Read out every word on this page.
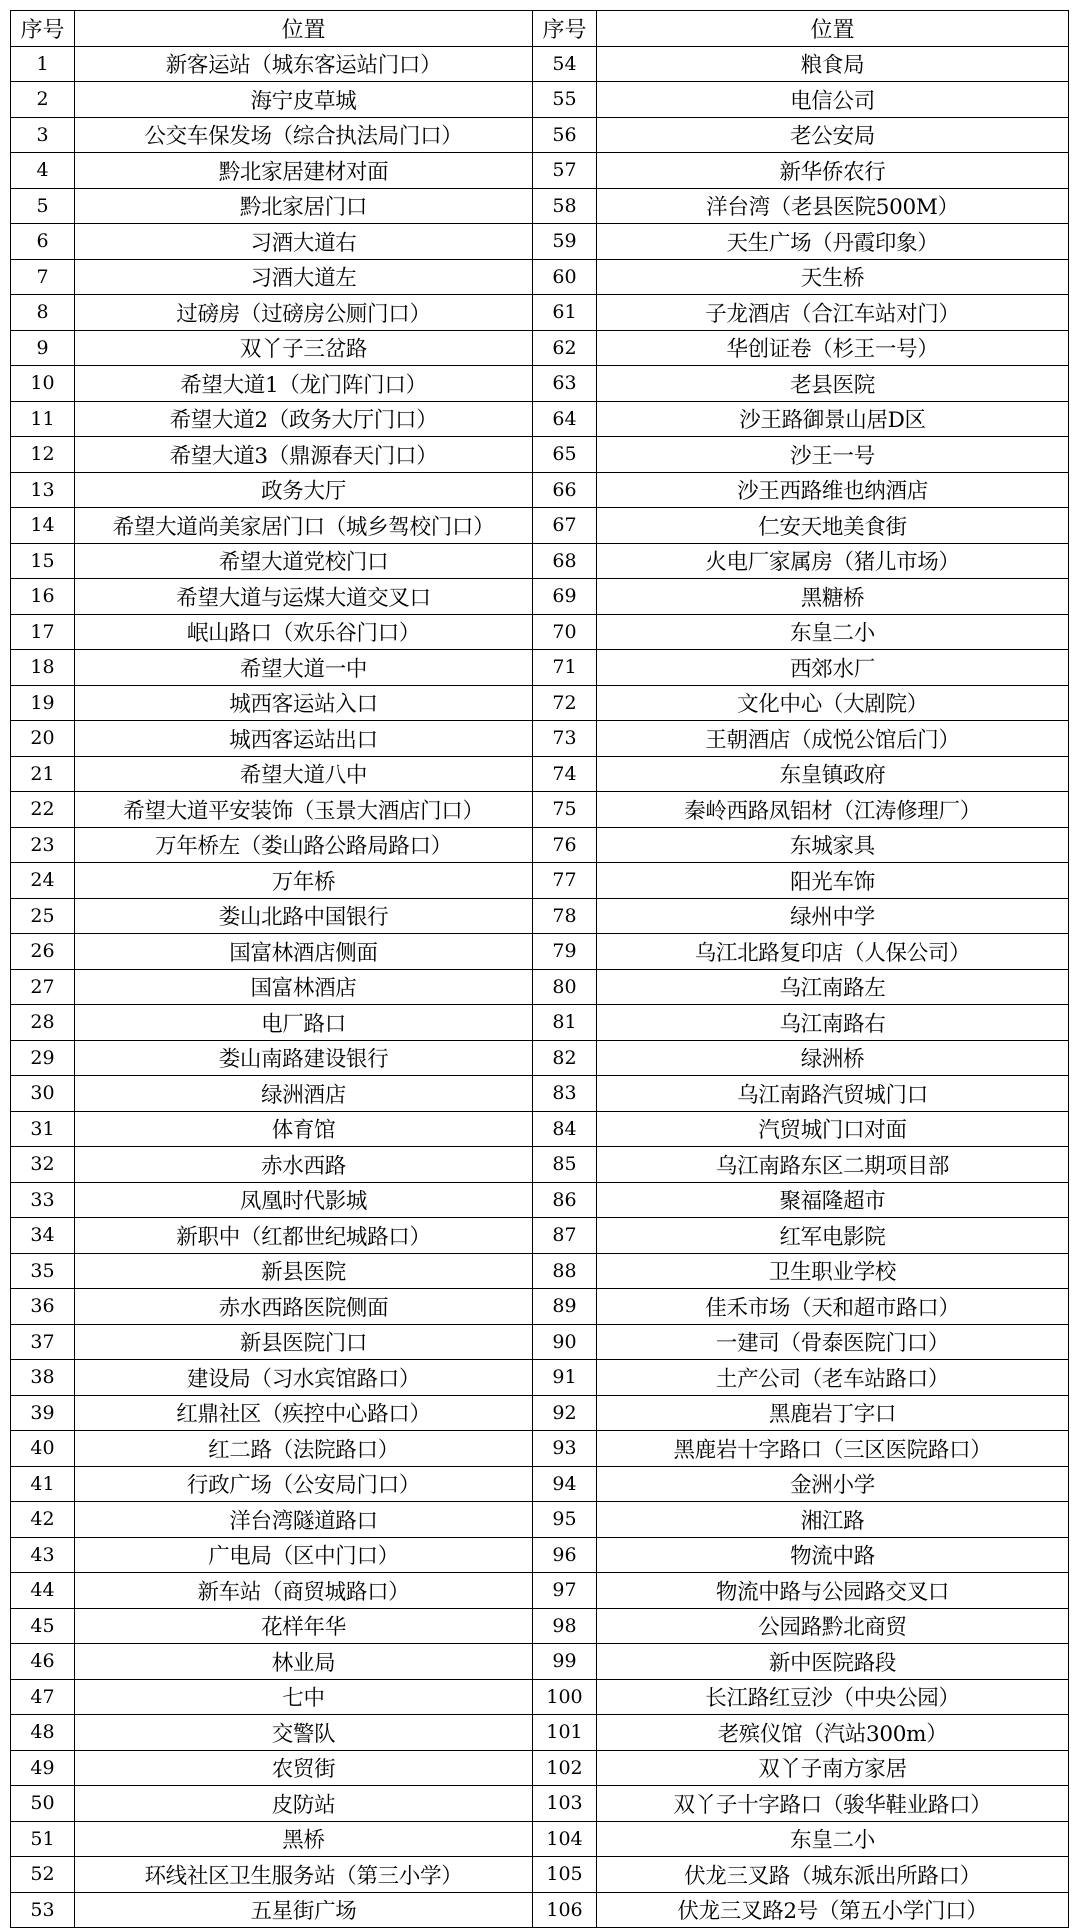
序号	位置	序号	位置
1	新客运站（城东客运站门口）	54	粮食局
2	海宁皮草城	55	电信公司
3	公交车保发场（综合执法局门口）	56	老公安局
4	黔北家居建材对面	57	新华侨农行
5	黔北家居门口	58	洋台湾（老县医院500M）
6	习酒大道右	59	天生广场（丹霞印象）
7	习酒大道左	60	天生桥
8	过磅房（过磅房公厕门口）	61	子龙酒店（合江车站对门）
9	双丫子三岔路	62	华创证卷（杉王一号）
10	希望大道1（龙门阵门口）	63	老县医院
11	希望大道2（政务大厅门口）	64	沙王路御景山居D区
12	希望大道3（鼎源春天门口）	65	沙王一号
13	政务大厅	66	沙王西路维也纳酒店
14	希望大道尚美家居门口（城乡驾校门口）	67	仁安天地美食街
15	希望大道党校门口	68	火电厂家属房（猪儿市场）
16	希望大道与运煤大道交叉口	69	黑糖桥
17	岷山路口（欢乐谷门口）	70	东皇二小
18	希望大道一中	71	西郊水厂
19	城西客运站入口	72	文化中心（大剧院）
20	城西客运站出口	73	王朝酒店（成悦公馆后门）
21	希望大道八中	74	东皇镇政府
22	希望大道平安装饰（玉景大酒店门口）	75	秦岭西路凤铝材（江涛修理厂）
23	万年桥左（娄山路公路局路口）	76	东城家具
24	万年桥	77	阳光车饰
25	娄山北路中国银行	78	绿州中学
26	国富林酒店侧面	79	乌江北路复印店（人保公司）
27	国富林酒店	80	乌江南路左
28	电厂路口	81	乌江南路右
29	娄山南路建设银行	82	绿洲桥
30	绿洲酒店	83	乌江南路汽贸城门口
31	体育馆	84	汽贸城门口对面
32	赤水西路	85	乌江南路东区二期项目部
33	凤凰时代影城	86	聚福隆超市
34	新职中（红都世纪城路口）	87	红军电影院
35	新县医院	88	卫生职业学校
36	赤水西路医院侧面	89	佳禾市场（天和超市路口）
37	新县医院门口	90	一建司（骨泰医院门口）
38	建设局（习水宾馆路口）	91	土产公司（老车站路口）
39	红鼎社区（疾控中心路口）	92	黑鹿岩丁字口
40	红二路（法院路口）	93	黑鹿岩十字路口（三区医院路口）
41	行政广场（公安局门口）	94	金洲小学
42	洋台湾隧道路口	95	湘江路
43	广电局（区中门口）	96	物流中路
44	新车站（商贸城路口）	97	物流中路与公园路交叉口
45	花样年华	98	公园路黔北商贸
46	林业局	99	新中医院路段
47	七中	100	长江路红豆沙（中央公园）
48	交警队	101	老殡仪馆（汽站300m）
49	农贸街	102	双丫子南方家居
50	皮防站	103	双丫子十字路口（骏华鞋业路口）
51	黑桥	104	东皇二小
52	环线社区卫生服务站（第三小学）	105	伏龙三叉路（城东派出所路口）
53	五星街广场	106	伏龙三叉路2号（第五小学门口）
